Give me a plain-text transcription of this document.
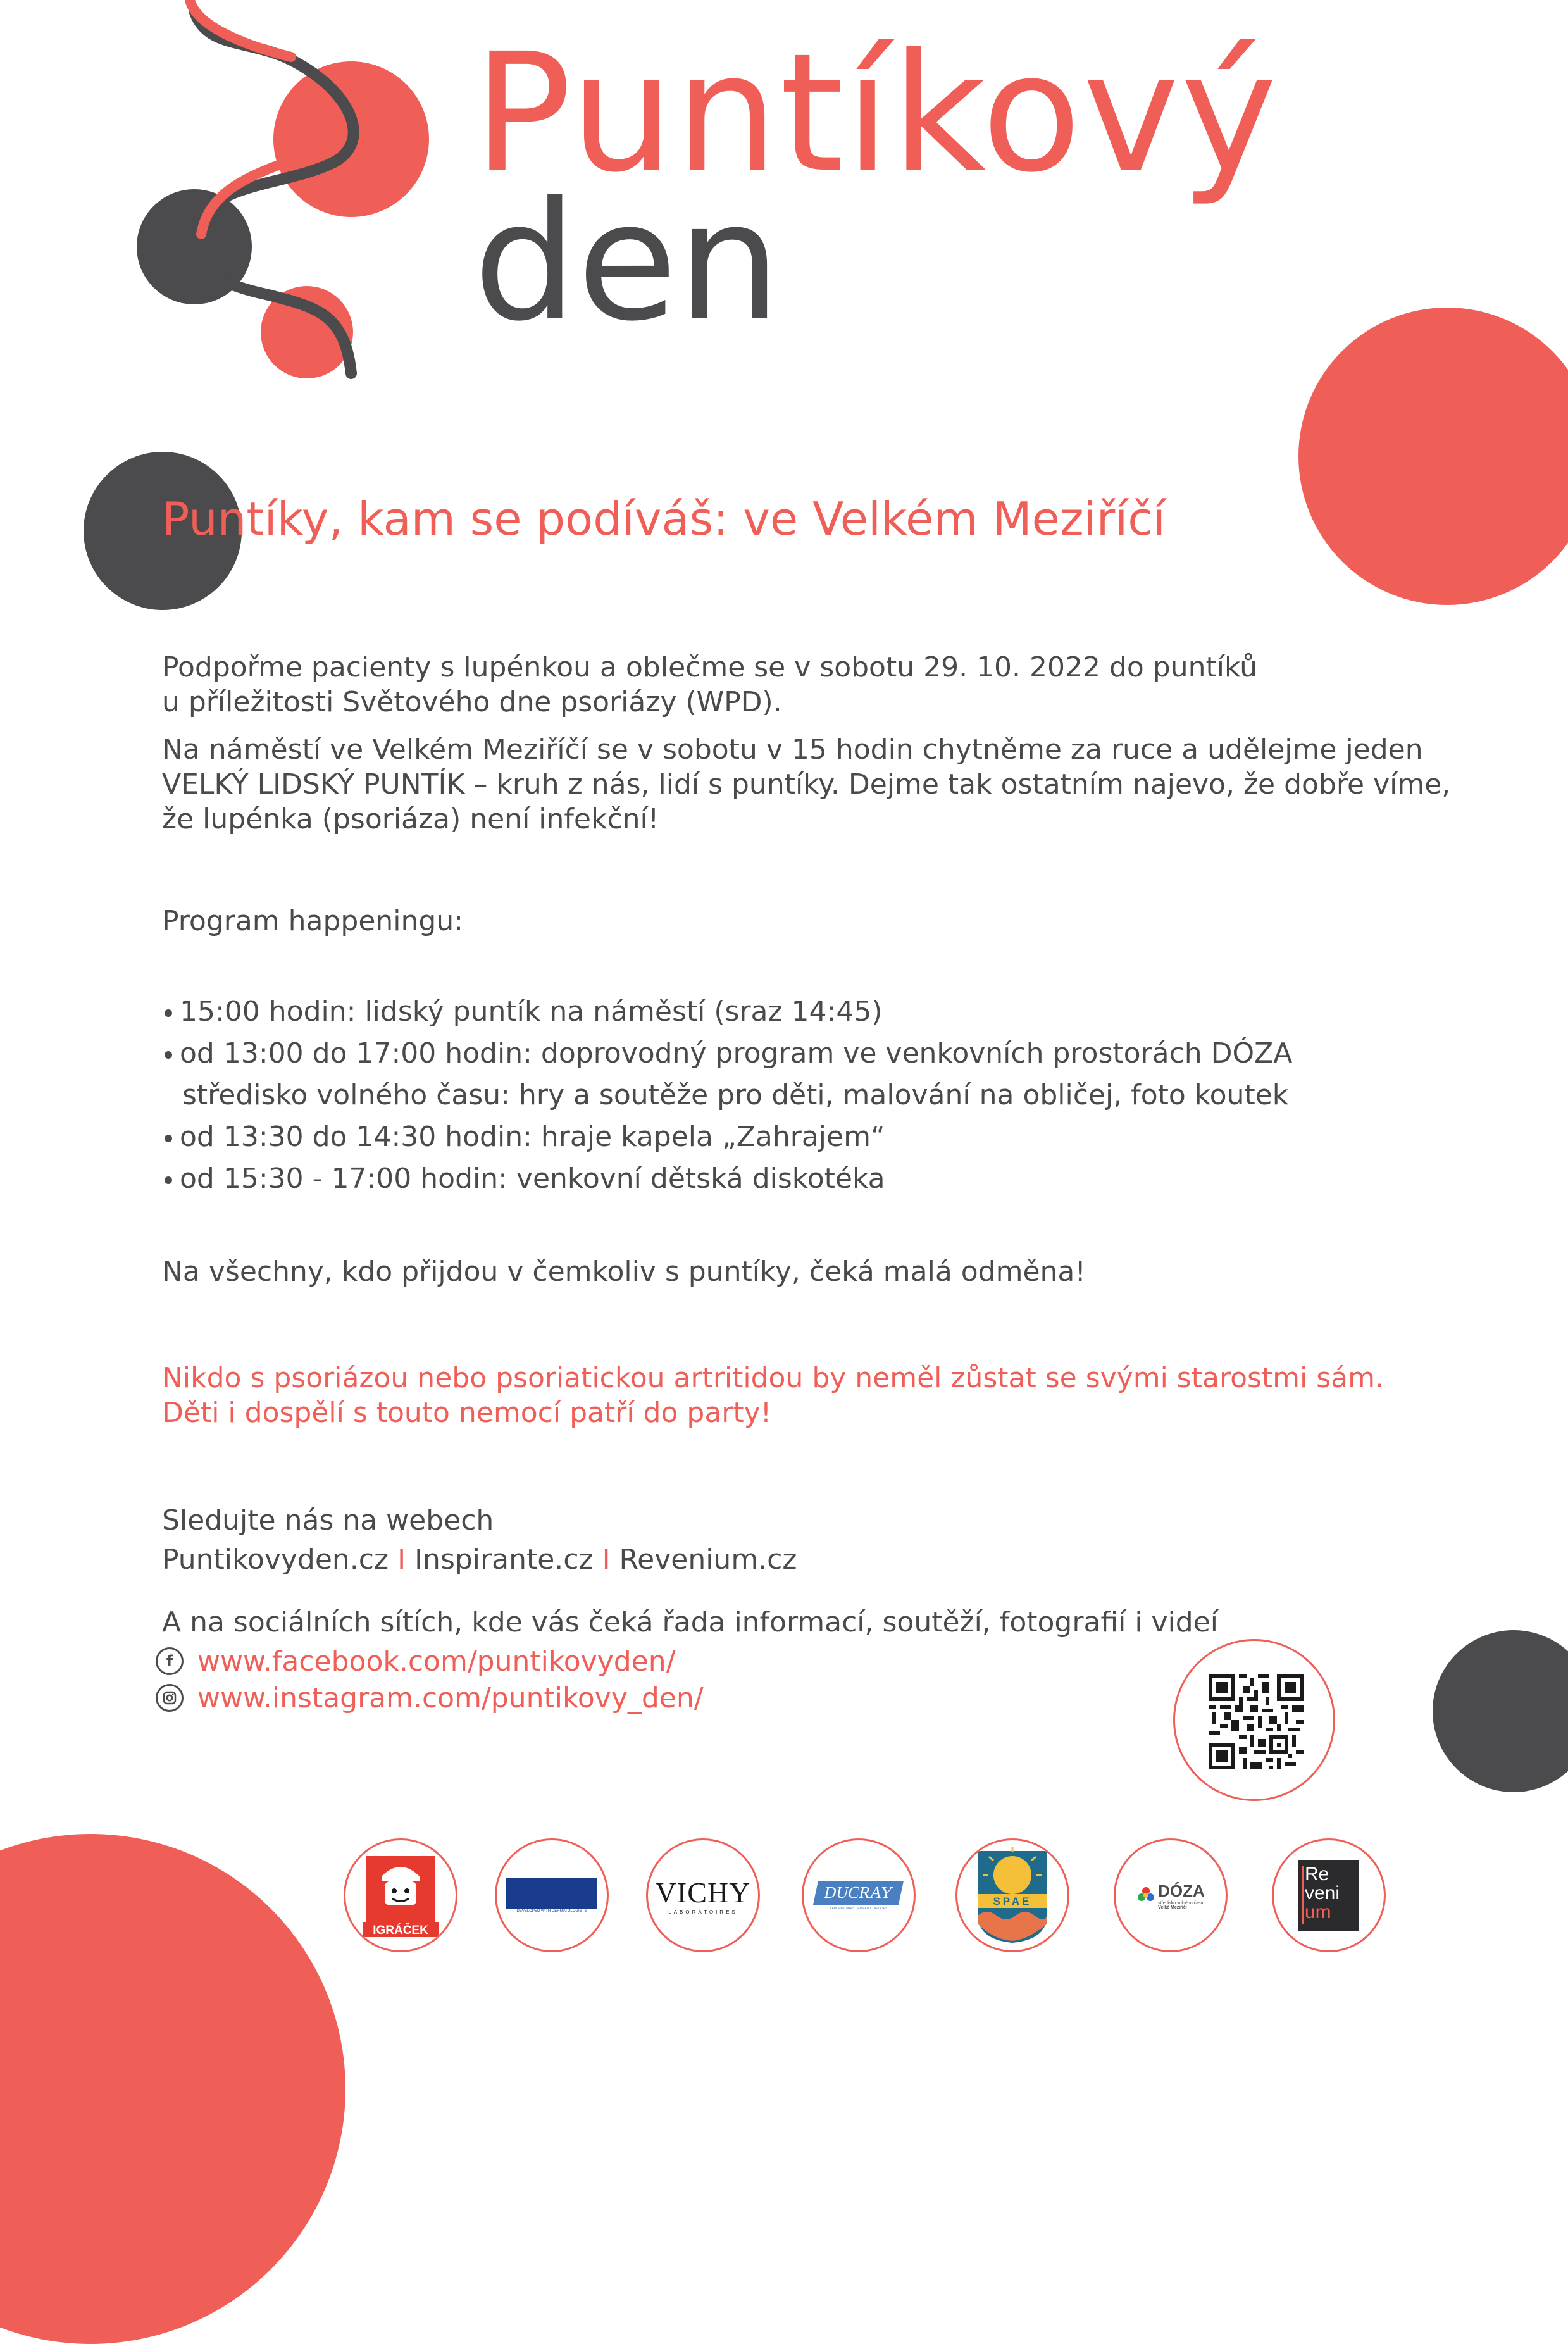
Puntíkový
den
Puntíky, kam se podíváš: ve Velkém Meziříčí
Podpořme pacienty s lupénkou a oblečme se v sobotu 29. 10. 2022 do puntíků
u příležitosti Světového dne psoriázy (WPD).
Na náměstí ve Velkém Meziříčí se v sobotu v 15 hodin chytněme za ruce a udělejme jeden
VELKÝ LIDSKÝ PUNTÍK – kruh z nás, lidí s puntíky. Dejme tak ostatním najevo, že dobře víme,
že lupénka (psoriáza) není infekční!
Program happeningu:
15:00 hodin: lidský puntík na náměstí (sraz 14:45)
od 13:00 do 17:00 hodin: doprovodný program ve venkovních prostorách DÓZA
středisko volného času: hry a soutěže pro děti, malování na obličej, foto koutek
od 13:30 do 14:30 hodin: hraje kapela „Zahrajem“
od 15:30 - 17:00 hodin: venkovní dětská diskotéka
Na všechny, kdo přijdou v čemkoliv s puntíky, čeká malá odměna!
Nikdo s psoriázou nebo psoriatickou artritidou by neměl zůstat se svými starostmi sám.
Děti i dospělí s touto nemocí patří do party!
Sledujte nás na webech
Puntikovyden.cz I Inspirante.cz I Revenium.cz
A na sociálních sítích, kde vás čeká řada informací, soutěží, fotografií i videí
f www.facebook.com/puntikovyden/
www.instagram.com/puntikovy_den/
IGRÁČEK
CeraVe
DEVELOPED WITH DERMATOLOGISTS
VICHY
LABORATOIRES
DUCRAY
LABORATOIRES DERMATOLOGIQUES
SPAE
DÓZA
středisko volného času
Velké Meziříčí
Re
veni
um
